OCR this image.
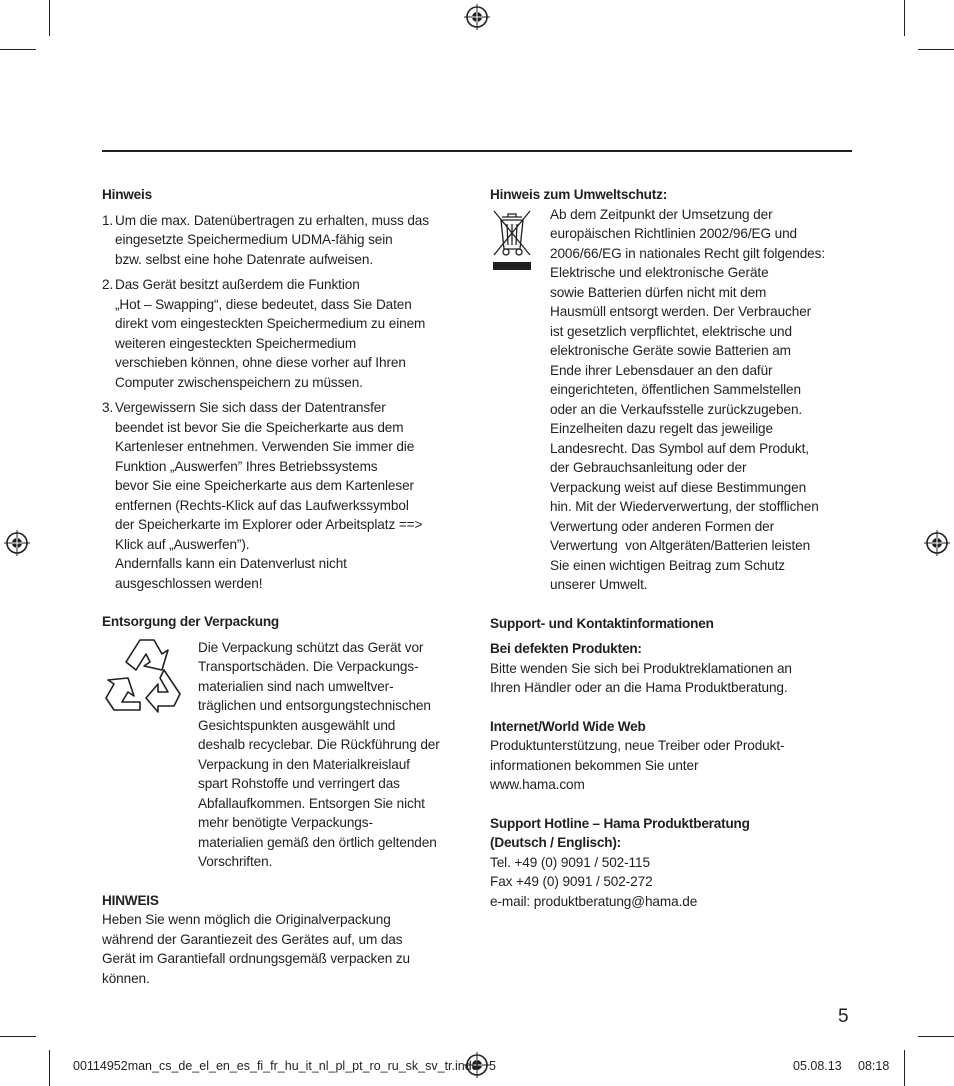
Hinweis

1. Um die max. Datenübertragen zu erhalten, muss das
eingesetzte Speichermedium UDMA-fähig sein
bzw. selbst eine hohe Datenrate aufweisen.
2. Das Gerät besitzt außerdem die Funktion
„Hot – Swapping“, diese bedeutet, dass Sie Daten
direkt vom eingesteckten Speichermedium zu einem
weiteren eingesteckten Speichermedium
verschieben können, ohne diese vorher auf Ihren
Computer zwischenspeichern zu müssen.
3. Vergewissern Sie sich dass der Datentransfer
beendet ist bevor Sie die Speicherkarte aus dem
Kartenleser entnehmen. Verwenden Sie immer die
Funktion „Auswerfen” Ihres Betriebssystems
bevor Sie eine Speicherkarte aus dem Kartenleser
entfernen (Rechts-Klick auf das Laufwerkssymbol
der Speicherkarte im Explorer oder Arbeitsplatz ==>
Klick auf „Auswerfen”).
Andernfalls kann ein Datenverlust nicht
ausgeschlossen werden!

Entsorgung der Verpackung

Die Verpackung schützt das Gerät vor
Transportschäden. Die Verpackungs-
materialien sind nach umweltver-
träglichen und entsorgungstechnischen
Gesichtspunkten ausgewählt und
deshalb recyclebar. Die Rückführung der
Verpackung in den Materialkreislauf
spart Rohstoffe und verringert das
Abfallaufkommen. Entsorgen Sie nicht
mehr benötigte Verpackungs-
materialien gemäß den örtlich geltenden
Vorschriften.

HINWEIS

Heben Sie wenn möglich die Originalverpackung
während der Garantiezeit des Gerätes auf, um das
Gerät im Garantiefall ordnungsgemäß verpacken zu
können.

Hinweis zum Umweltschutz:

Ab dem Zeitpunkt der Umsetzung der
europäischen Richtlinien 2002/96/EG und
2006/66/EG in nationales Recht gilt folgendes:
Elektrische und elektronische Geräte
sowie Batterien dürfen nicht mit dem
Hausmüll entsorgt werden. Der Verbraucher
ist gesetzlich verpflichtet, elektrische und
elektronische Geräte sowie Batterien am
Ende ihrer Lebensdauer an den dafür
eingerichteten, öffentlichen Sammelstellen
oder an die Verkaufsstelle zurückzugeben.
Einzelheiten dazu regelt das jeweilige
Landesrecht. Das Symbol auf dem Produkt,
der Gebrauchsanleitung oder der
Verpackung weist auf diese Bestimmungen
hin. Mit der Wiederverwertung, der stofflichen
Verwertung oder anderen Formen der
Verwertung  von Altgeräten/Batterien leisten
Sie einen wichtigen Beitrag zum Schutz
unserer Umwelt.

Support- und Kontaktinformationen

Bei defekten Produkten:

Bitte wenden Sie sich bei Produktreklamationen an
Ihren Händler oder an die Hama Produktberatung.

Internet/World Wide Web

Produktunterstützung, neue Treiber oder Produkt-
informationen bekommen Sie unter
www.hama.com

Support Hotline – Hama Produktberatung
(Deutsch / Englisch):

Tel. +49 (0) 9091 / 502-115

Fax +49 (0) 9091 / 502-272

e-mail: produktberatung@hama.de

5
00114952man_cs_de_el_en_es_fi_fr_hu_it_nl_pl_pt_ro_ru_sk_sv_tr.indd   5	05.08.13 08:18
